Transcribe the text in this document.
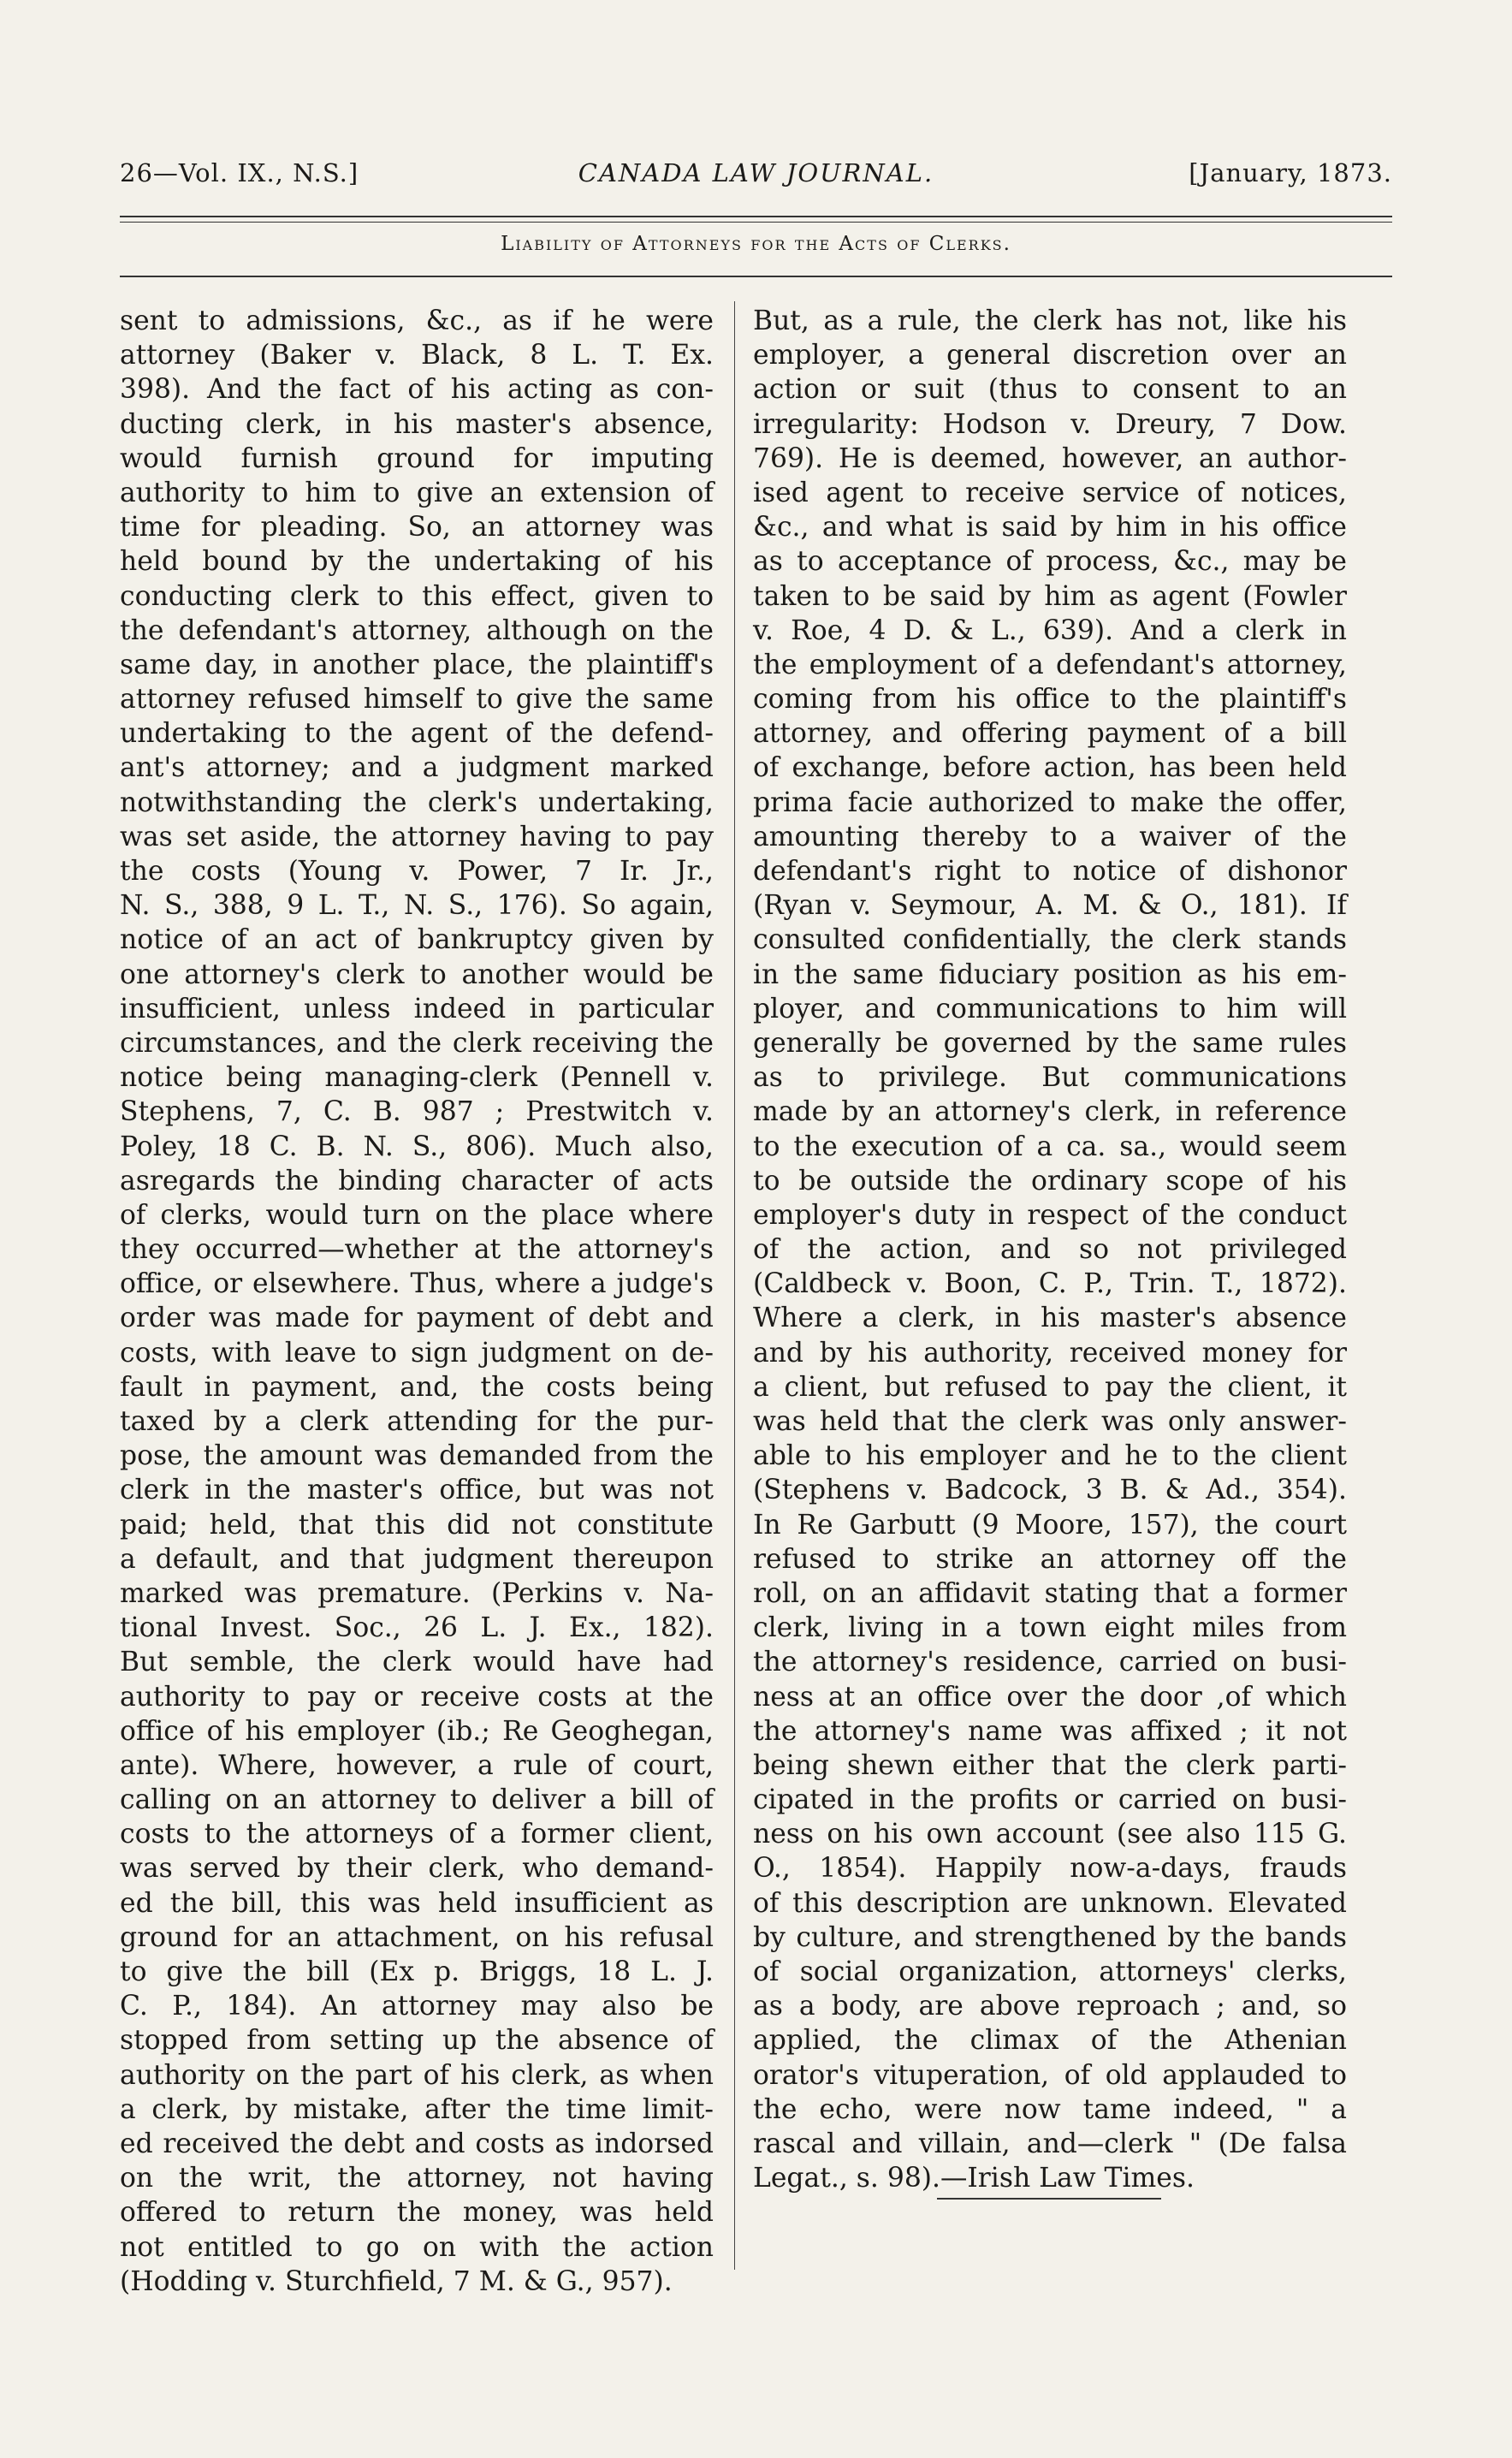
26—Vol. IX., N.S.]	CANADA LAW JOURNAL.	[January, 1873.
Liability of Attorneys for the Acts of Clerks.
sent to admissions, &c., as if he were
attorney (Baker v. Black, 8 L. T. Ex.
398). And the fact of his acting as con-
ducting clerk, in his master's absence,
would furnish ground for imputing
authority to him to give an extension of
time for pleading. So, an attorney was
held bound by the undertaking of his
conducting clerk to this effect, given to
the defendant's attorney, although on the
same day, in another place, the plaintiff's
attorney refused himself to give the same
undertaking to the agent of the defend-
ant's attorney; and a judgment marked
notwithstanding the clerk's undertaking,
was set aside, the attorney having to pay
the costs (Young v. Power, 7 Ir. Jr.,
N. S., 388, 9 L. T., N. S., 176). So again,
notice of an act of bankruptcy given by
one attorney's clerk to another would be
insufficient, unless indeed in particular
circumstances, and the clerk receiving the
notice being managing-clerk (Pennell v.
Stephens, 7, C. B. 987 ; Prestwitch v.
Poley, 18 C. B. N. S., 806). Much also,
asregards the binding character of acts
of clerks, would turn on the place where
they occurred—whether at the attorney's
office, or elsewhere. Thus, where a judge's
order was made for payment of debt and
costs, with leave to sign judgment on de-
fault in payment, and, the costs being
taxed by a clerk attending for the pur-
pose, the amount was demanded from the
clerk in the master's office, but was not
paid; held, that this did not constitute
a default, and that judgment thereupon
marked was premature. (Perkins v. Na-
tional Invest. Soc., 26 L. J. Ex., 182).
But semble, the clerk would have had
authority to pay or receive costs at the
office of his employer (ib.; Re Geoghegan,
ante). Where, however, a rule of court,
calling on an attorney to deliver a bill of
costs to the attorneys of a former client,
was served by their clerk, who demand-
ed the bill, this was held insufficient as
ground for an attachment, on his refusal
to give the bill (Ex p. Briggs, 18 L. J.
C. P., 184). An attorney may also be
stopped from setting up the absence of
authority on the part of his clerk, as when
a clerk, by mistake, after the time limit-
ed received the debt and costs as indorsed
on the writ, the attorney, not having
offered to return the money, was held
not entitled to go on with the action
(Hodding v. Sturchfield, 7 M. & G., 957).
But, as a rule, the clerk has not, like his
employer, a general discretion over an
action or suit (thus to consent to an
irregularity: Hodson v. Dreury, 7 Dow.
769). He is deemed, however, an author-
ised agent to receive service of notices,
&c., and what is said by him in his office
as to acceptance of process, &c., may be
taken to be said by him as agent (Fowler
v. Roe, 4 D. & L., 639). And a clerk in
the employment of a defendant's attorney,
coming from his office to the plaintiff's
attorney, and offering payment of a bill
of exchange, before action, has been held
prima facie authorized to make the offer,
amounting thereby to a waiver of the
defendant's right to notice of dishonor
(Ryan v. Seymour, A. M. & O., 181). If
consulted confidentially, the clerk stands
in the same fiduciary position as his em-
ployer, and communications to him will
generally be governed by the same rules
as to privilege. But communications
made by an attorney's clerk, in reference
to the execution of a ca. sa., would seem
to be outside the ordinary scope of his
employer's duty in respect of the conduct
of the action, and so not privileged
(Caldbeck v. Boon, C. P., Trin. T., 1872).
Where a clerk, in his master's absence
and by his authority, received money for
a client, but refused to pay the client, it
was held that the clerk was only answer-
able to his employer and he to the client
(Stephens v. Badcock, 3 B. & Ad., 354).
In Re Garbutt (9 Moore, 157), the court
refused to strike an attorney off the
roll, on an affidavit stating that a former
clerk, living in a town eight miles from
the attorney's residence, carried on busi-
ness at an office over the door ,of which
the attorney's name was affixed ; it not
being shewn either that the clerk parti-
cipated in the profits or carried on busi-
ness on his own account (see also 115 G.
O., 1854). Happily now-a-days, frauds
of this description are unknown. Elevated
by culture, and strengthened by the bands
of social organization, attorneys' clerks,
as a body, are above reproach ; and, so
applied, the climax of the Athenian
orator's vituperation, of old applauded to
the echo, were now tame indeed, " a
rascal and villain, and—clerk " (De falsa
Legat., s. 98).—Irish Law Times.
